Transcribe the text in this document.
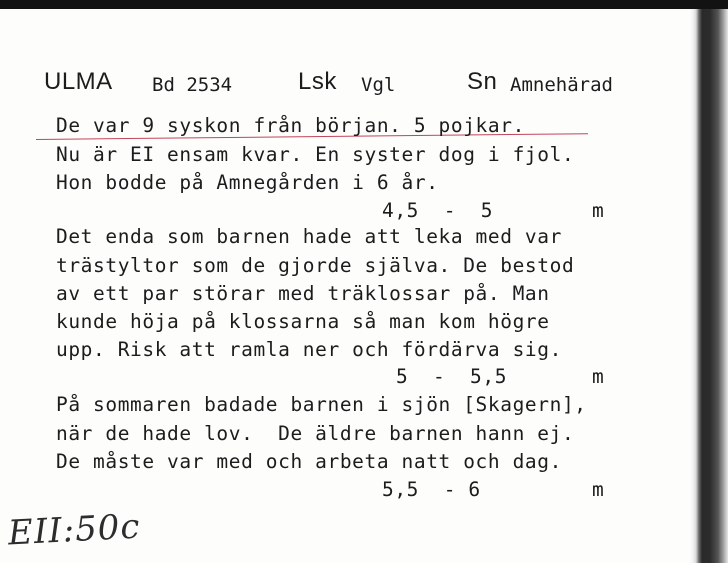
ULMA Bd 2534	Lsk Vgl	Sn Amnehärad
De var 9 syskon från början. 5 pojkar.
Nu är EI ensam kvar. En syster dog i fjol.
Hon bodde på Amnegården i 6 år.
4,5  -  5	m
Det enda som barnen hade att leka med var
trästyltor som de gjorde själva. De bestod
av ett par störar med träklossar på. Man
kunde höja på klossarna så man kom högre
upp. Risk att ramla ner och fördärva sig.
5  -  5,5	m
På sommaren badade barnen i sjön [Skagern],
när de hade lov.  De äldre barnen hann ej.
De måste var med och arbeta natt och dag.
5,5  - 6	m
EII:50c
